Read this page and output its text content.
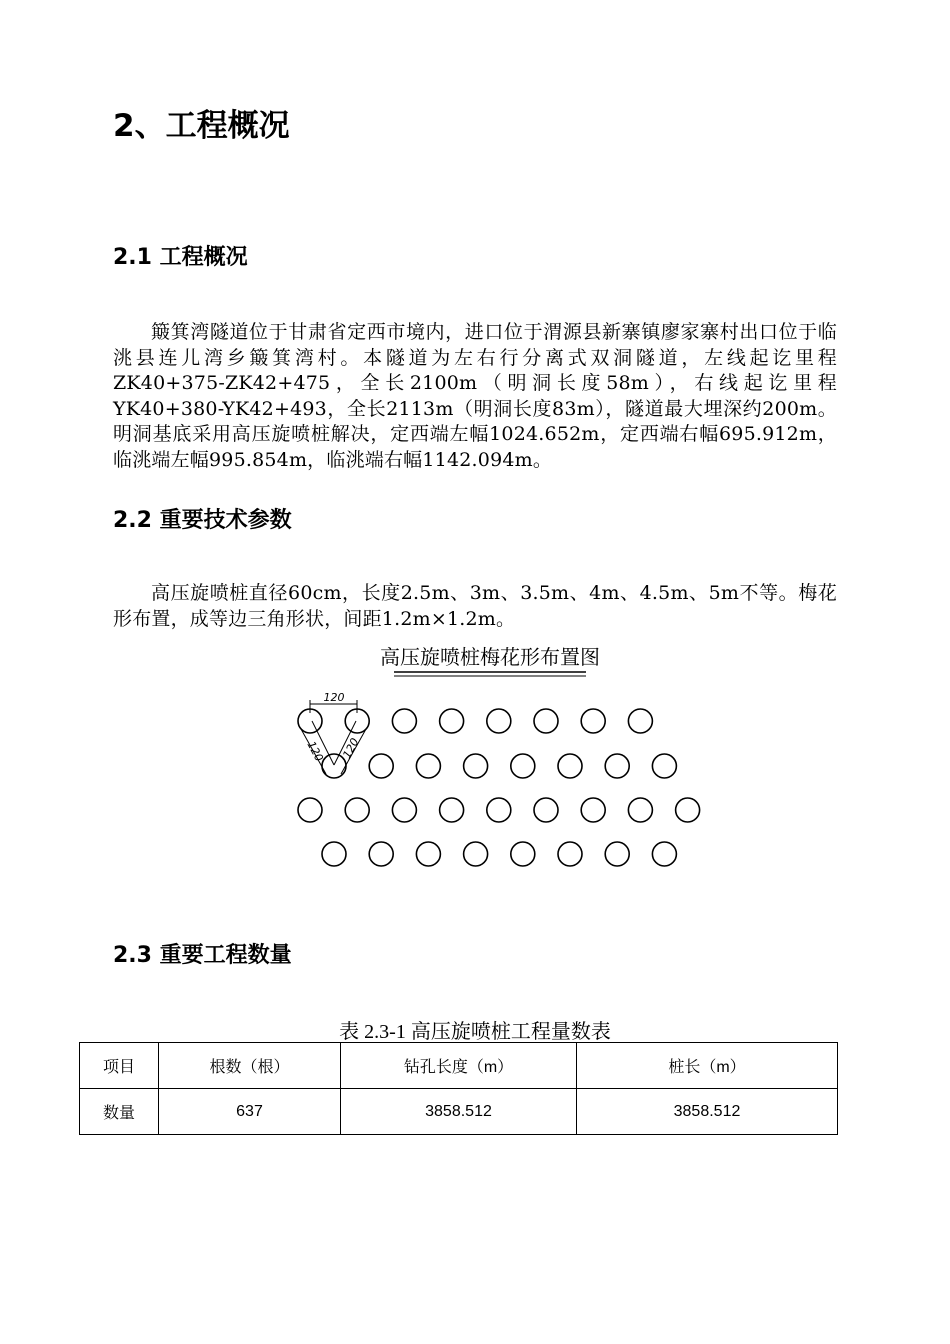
2、工程概况
2.1 工程概况
簸箕湾隧道位于甘肃省定西市境内，进口位于渭源县新寨镇廖家寨村出口位于临洮县连儿湾乡簸箕湾村。本隧道为左右行分离式双洞隧道，左线起讫里程ZK40+375-ZK42+475，全长2100m（明洞长度58m），右线起讫里程YK40+380-YK42+493，全长2113m（明洞长度83m），隧道最大埋深约200m。明洞基底采用高压旋喷桩解决，定西端左幅1024.652m，定西端右幅695.912m，临洮端左幅995.854m，临洮端右幅1142.094m。
2.2 重要技术参数
高压旋喷桩直径60cm，长度2.5m、3m、3.5m、4m、4.5m、5m不等。梅花形布置，成等边三角形状，间距1.2m×1.2m。
高压旋喷桩梅花形布置图
120
120 120
2.3 重要工程数量
表 2.3-1 高压旋喷桩工程量数表
项目	根数（根）	钻孔长度（m）	桩长（m）
数量	637	3858.512	3858.512
